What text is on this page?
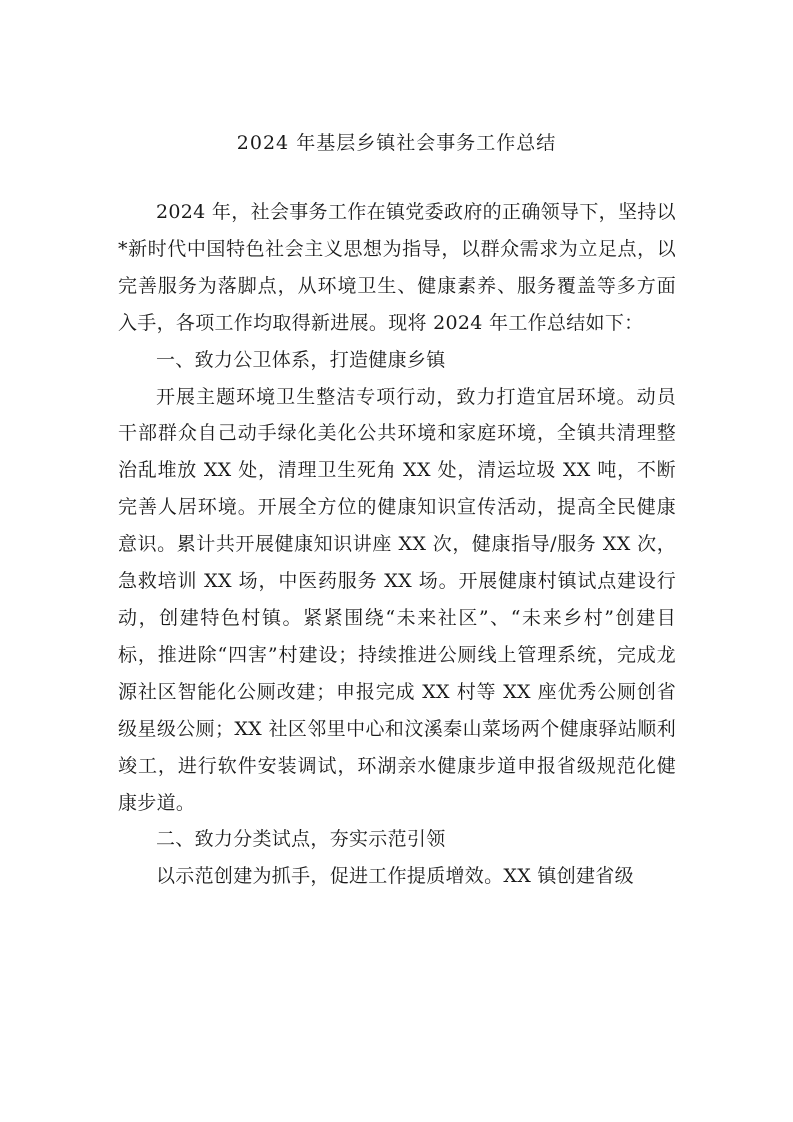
2024 年基层乡镇社会事务工作总结

2024 年，社会事务工作在镇党委政府的正确领导下，坚持以*新时代中国特色社会主义思想为指导，以群众需求为立足点，以完善服务为落脚点，从环境卫生、健康素养、服务覆盖等多方面入手，各项工作均取得新进展。现将 2024 年工作总结如下：

一、致力公卫体系，打造健康乡镇

开展主题环境卫生整洁专项行动，致力打造宜居环境。动员干部群众自己动手绿化美化公共环境和家庭环境，全镇共清理整治乱堆放 XX 处，清理卫生死角 XX 处，清运垃圾 XX 吨，不断完善人居环境。开展全方位的健康知识宣传活动，提高全民健康意识。累计共开展健康知识讲座 XX 次，健康指导/服务 XX 次，急救培训 XX 场，中医药服务 XX 场。开展健康村镇试点建设行动，创建特色村镇。紧紧围绕“未来社区”、“未来乡村”创建目标，推进除“四害”村建设；持续推进公厕线上管理系统，完成龙源社区智能化公厕改建；申报完成 XX 村等 XX 座优秀公厕创省级星级公厕；XX 社区邻里中心和汶溪秦山菜场两个健康驿站顺利竣工，进行软件安装调试，环湖亲水健康步道申报省级规范化健康步道。

二、致力分类试点，夯实示范引领

以示范创建为抓手，促进工作提质增效。XX 镇创建省级
